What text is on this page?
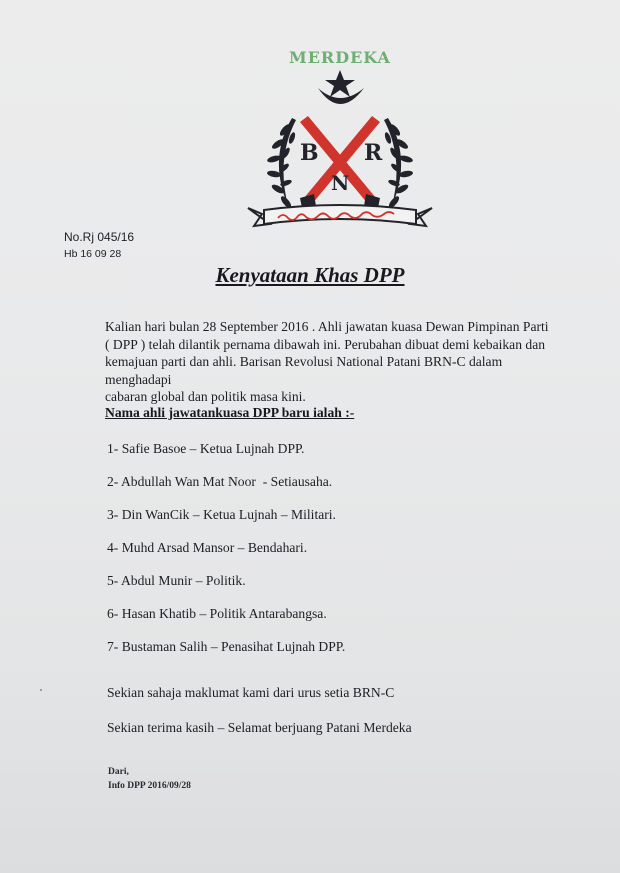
MERDEKA
B R
N
No.Rj 045/16
Hb 16 09 28
Kenyataan Khas DPP
Kalian hari bulan 28 September 2016 . Ahli jawatan kuasa Dewan Pimpinan Parti
( DPP ) telah dilantik pernama dibawah ini. Perubahan dibuat demi kebaikan dan
kemajuan parti dan ahli. Barisan Revolusi National Patani BRN-C dalam menghadapi
cabaran global dan politik masa kini.

Nama ahli jawatankuasa DPP baru ialah :-

1- Safie Basoe – Ketua Lujnah DPP.
2- Abdullah Wan Mat Noor  - Setiausaha.
3- Din WanCik – Ketua Lujnah – Militari.
4- Muhd Arsad Mansor – Bendahari.
5- Abdul Munir – Politik.
6- Hasan Khatib – Politik Antarabangsa.
7- Bustaman Salih – Penasihat Lujnah DPP.

Sekian sahaja maklumat kami dari urus setia BRN-C

Sekian terima kasih – Selamat berjuang Patani Merdeka

Dari,

Info DPP 2016/09/28
